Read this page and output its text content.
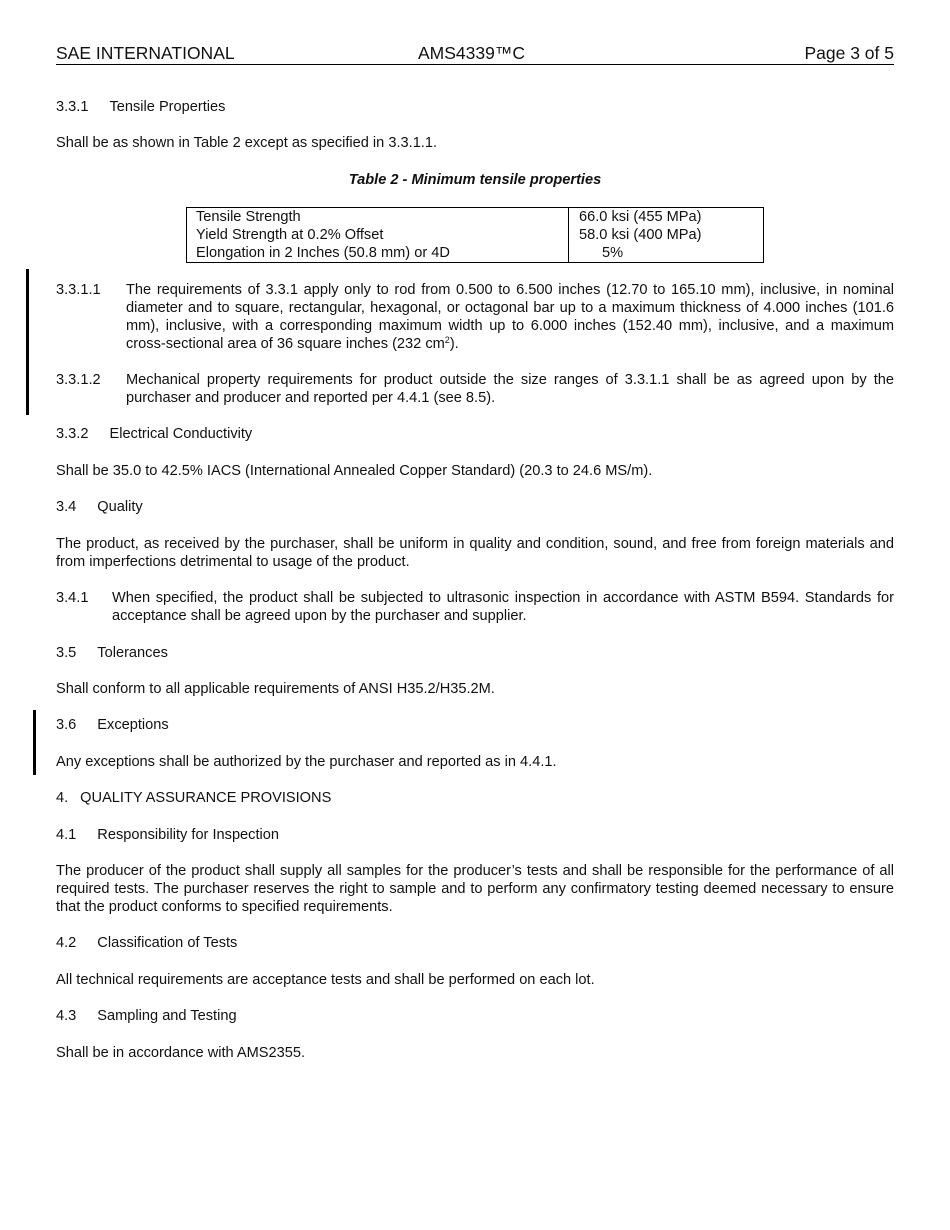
SAE INTERNATIONAL	AMS4339™C	Page 3 of 5
3.3.1 Tensile Properties
Shall be as shown in Table 2 except as specified in 3.3.1.1.
Table 2 - Minimum tensile properties
Tensile Strength	66.0 ksi (455 MPa)
Yield Strength at 0.2% Offset	58.0 ksi (400 MPa)
Elongation in 2 Inches (50.8 mm) or 4D	5%
3.3.1.1 The requirements of 3.3.1 apply only to rod from 0.500 to 6.500 inches (12.70 to 165.10 mm), inclusive, in nominal diameter and to square, rectangular, hexagonal, or octagonal bar up to a maximum thickness of 4.000 inches (101.6 mm), inclusive, with a corresponding maximum width up to 6.000 inches (152.40 mm), inclusive, and a maximum cross-sectional area of 36 square inches (232 $cm^2$).
3.3.1.2 Mechanical property requirements for product outside the size ranges of 3.3.1.1 shall be as agreed upon by the purchaser and producer and reported per 4.4.1 (see 8.5).
3.3.2 Electrical Conductivity
Shall be 35.0 to 42.5% IACS (International Annealed Copper Standard) (20.3 to 24.6 MS/m).
3.4 Quality
The product, as received by the purchaser, shall be uniform in quality and condition, sound, and free from foreign materials and from imperfections detrimental to usage of the product.
3.4.1 When specified, the product shall be subjected to ultrasonic inspection in accordance with ASTM B594. Standards for acceptance shall be agreed upon by the purchaser and supplier.
3.5 Tolerances
Shall conform to all applicable requirements of ANSI H35.2/H35.2M.
3.6 Exceptions
Any exceptions shall be authorized by the purchaser and reported as in 4.4.1.
4. QUALITY ASSURANCE PROVISIONS
4.1 Responsibility for Inspection
The producer of the product shall supply all samples for the producer’s tests and shall be responsible for the performance of all required tests. The purchaser reserves the right to sample and to perform any confirmatory testing deemed necessary to ensure that the product conforms to specified requirements.
4.2 Classification of Tests
All technical requirements are acceptance tests and shall be performed on each lot.
4.3 Sampling and Testing
Shall be in accordance with AMS2355.
